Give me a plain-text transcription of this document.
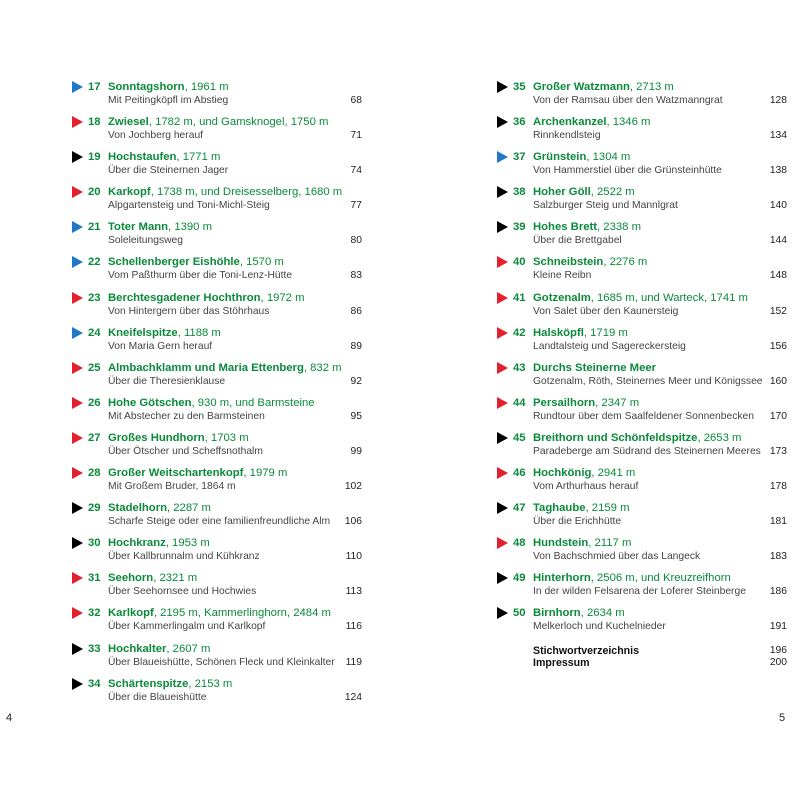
17 Sonntagshorn, 1961 m
Mit Peitingköpfl im Abstieg	68
18 Zwiesel, 1782 m, und Gamsknogel, 1750 m
Von Jochberg herauf	71
19 Hochstaufen, 1771 m
Über die Steinernen Jager	74
20 Karkopf, 1738 m, und Dreisesselberg, 1680 m
Alpgartensteig und Toni-Michl-Steig	77
21 Toter Mann, 1390 m
Soleleitungsweg	80
22 Schellenberger Eishöhle, 1570 m
Vom Paßthurm über die Toni-Lenz-Hütte	83
23 Berchtesgadener Hochthron, 1972 m
Von Hintergern über das Stöhrhaus	86
24 Kneifelspitze, 1188 m
Von Maria Gern herauf	89
25 Almbachklamm und Maria Ettenberg, 832 m
Über die Theresienklause	92
26 Hohe Götschen, 930 m, und Barmsteine
Mit Abstecher zu den Barmsteinen	95
27 Großes Hundhorn, 1703 m
Über Ötscher und Scheffsnothalm	99
28 Großer Weitschartenkopf, 1979 m
Mit Großem Bruder, 1864 m	102
29 Stadelhorn, 2287 m
Scharfe Steige oder eine familienfreundliche Alm 106
30 Hochkranz, 1953 m
Über Kallbrunnalm und Kühkranz	110
31 Seehorn, 2321 m
Über Seehornsee und Hochwies	113
32 Karlkopf, 2195 m, Kammerlinghorn, 2484 m
Über Kammerlingalm und Karlkopf	116
33 Hochkalter, 2607 m
Über Blaueishütte, Schönen Fleck und Kleinkalter 119
34 Schärtenspitze, 2153 m
Über die Blaueishütte	124
35 Großer Watzmann, 2713 m
Von der Ramsau über den Watzmanngrat	128
36 Archenkanzel, 1346 m
Rinnkendlsteig	134
37 Grünstein, 1304 m
Von Hammerstiel über die Grünsteinhütte	138
38 Hoher Göll, 2522 m
Salzburger Steig und Mannlgrat	140
39 Hohes Brett, 2338 m
Über die Brettgabel	144
40 Schneibstein, 2276 m
Kleine Reibn	148
41 Gotzenalm, 1685 m, und Warteck, 1741 m
Von Salet über den Kaunersteig	152
42 Halsköpfl, 1719 m
Landtalsteig und Sagereckersteig	156
43 Durchs Steinerne Meer
Gotzenalm, Röth, Steinernes Meer und Königssee 160
44 Persailhorn, 2347 m
Rundtour über dem Saalfeldener Sonnenbecken 170
45 Breithorn und Schönfeldspitze, 2653 m
Paradeberge am Südrand des Steinernen Meeres 173
46 Hochkönig, 2941 m
Vom Arthurhaus herauf	178
47 Taghaube, 2159 m
Über die Erichhütte	181
48 Hundstein, 2117 m
Von Bachschmied über das Langeck	183
49 Hinterhorn, 2506 m, und Kreuzreifhorn
In der wilden Felsarena der Loferer Steinberge 186
50 Birnhorn, 2634 m
Melkerloch und Kuchelnieder	191
Stichwortverzeichnis	196
Impressum	200
4	5
